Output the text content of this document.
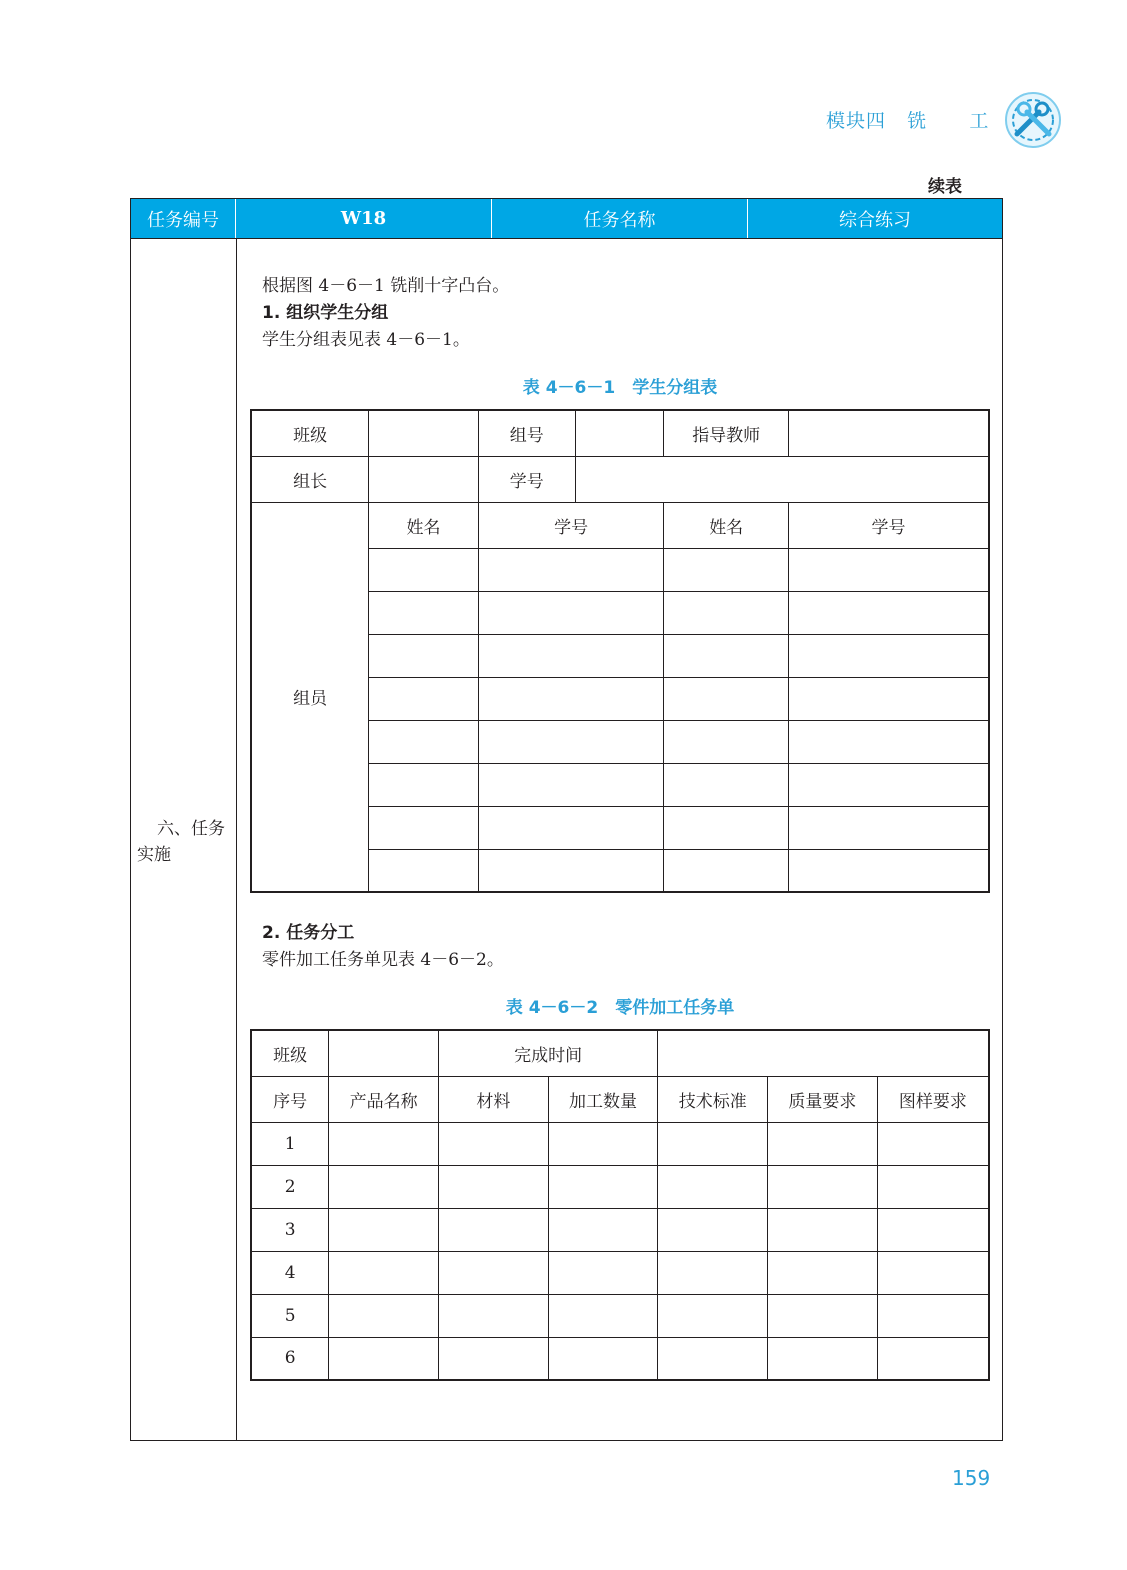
模块四 铣 工
续表
任务编号	W18	任务名称	综合练习
六、任务
实施
根据图 4－6－1 铣削十字凸台。
1. 组织学生分组
学生分组表见表 4－6－1。
表 4－6－1　学生分组表
班级		组号		指导教师	
组长		学号			
组员	姓名	学号		姓名	学号

2. 任务分工
零件加工任务单见表 4－6－2。
表 4－6－2　零件加工任务单
班级		完成时间				
序号	产品名称	材料	加工数量	技术标准	质量要求	图样要求
1						
2						
3						
4						
5						
6						
159
